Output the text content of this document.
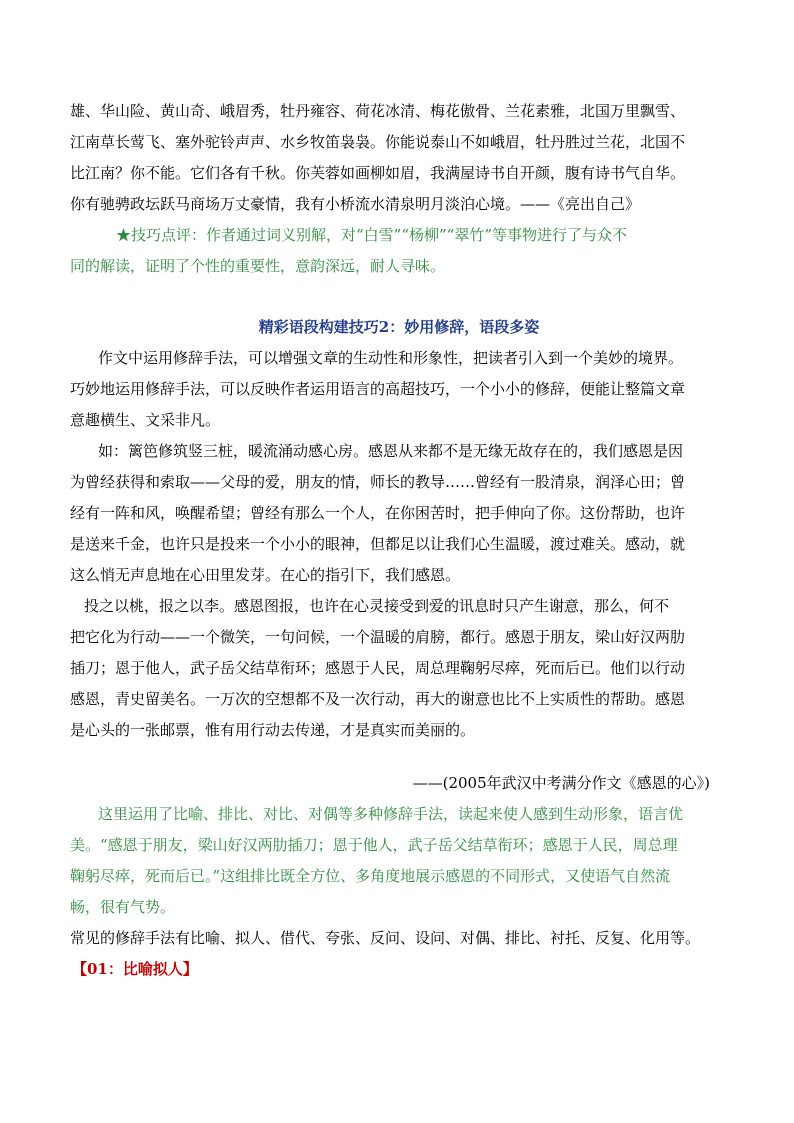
雄、华山险、黄山奇、峨眉秀，牡丹雍容、荷花冰清、梅花傲骨、兰花素雅，北国万里飘雪、
江南草长莺飞、塞外驼铃声声、水乡牧笛袅袅。你能说泰山不如峨眉，牡丹胜过兰花，北国不
比江南？你不能。它们各有千秋。你芙蓉如画柳如眉，我满屋诗书自开颜，腹有诗书气自华。
你有驰骋政坛跃马商场万丈豪情，我有小桥流水清泉明月淡泊心境。——《亮出自己》
★技巧点评：作者通过词义别解，对“白雪”“杨柳”“翠竹”等事物进行了与众不
同的解读，证明了个性的重要性，意韵深远，耐人寻味。
精彩语段构建技巧2：妙用修辞，语段多姿
作文中运用修辞手法，可以增强文章的生动性和形象性，把读者引入到一个美妙的境界。
巧妙地运用修辞手法，可以反映作者运用语言的高超技巧，一个小小的修辞，便能让整篇文章
意趣横生、文采非凡。
如：篱笆修筑竖三桩，暖流涌动感心房。感恩从来都不是无缘无故存在的，我们感恩是因
为曾经获得和索取——父母的爱，朋友的情，师长的教导……曾经有一股清泉，润泽心田；曾
经有一阵和风，唤醒希望；曾经有那么一个人，在你困苦时，把手伸向了你。这份帮助，也许
是送来千金，也许只是投来一个小小的眼神，但都足以让我们心生温暖，渡过难关。感动，就
这么悄无声息地在心田里发芽。在心的指引下，我们感恩。
投之以桃，报之以李。感恩图报，也许在心灵接受到爱的讯息时只产生谢意，那么，何不
把它化为行动——一个微笑，一句问候，一个温暖的肩膀，都行。感恩于朋友，梁山好汉两肋
插刀；恩于他人，武子岳父结草衔环；感恩于人民，周总理鞠躬尽瘁，死而后已。他们以行动
感恩，青史留美名。一万次的空想都不及一次行动，再大的谢意也比不上实质性的帮助。感恩
是心头的一张邮票，惟有用行动去传递，才是真实而美丽的。
——(2005年武汉中考满分作文《感恩的心》)
这里运用了比喻、排比、对比、对偶等多种修辞手法，读起来使人感到生动形象，语言优
美。“感恩于朋友，梁山好汉两肋插刀；恩于他人，武子岳父结草衔环；感恩于人民，周总理
鞠躬尽瘁，死而后已。”这组排比既全方位、多角度地展示感恩的不同形式，又使语气自然流
畅，很有气势。
常见的修辞手法有比喻、拟人、借代、夸张、反问、设问、对偶、排比、衬托、反复、化用等。
【01：比喻拟人】
